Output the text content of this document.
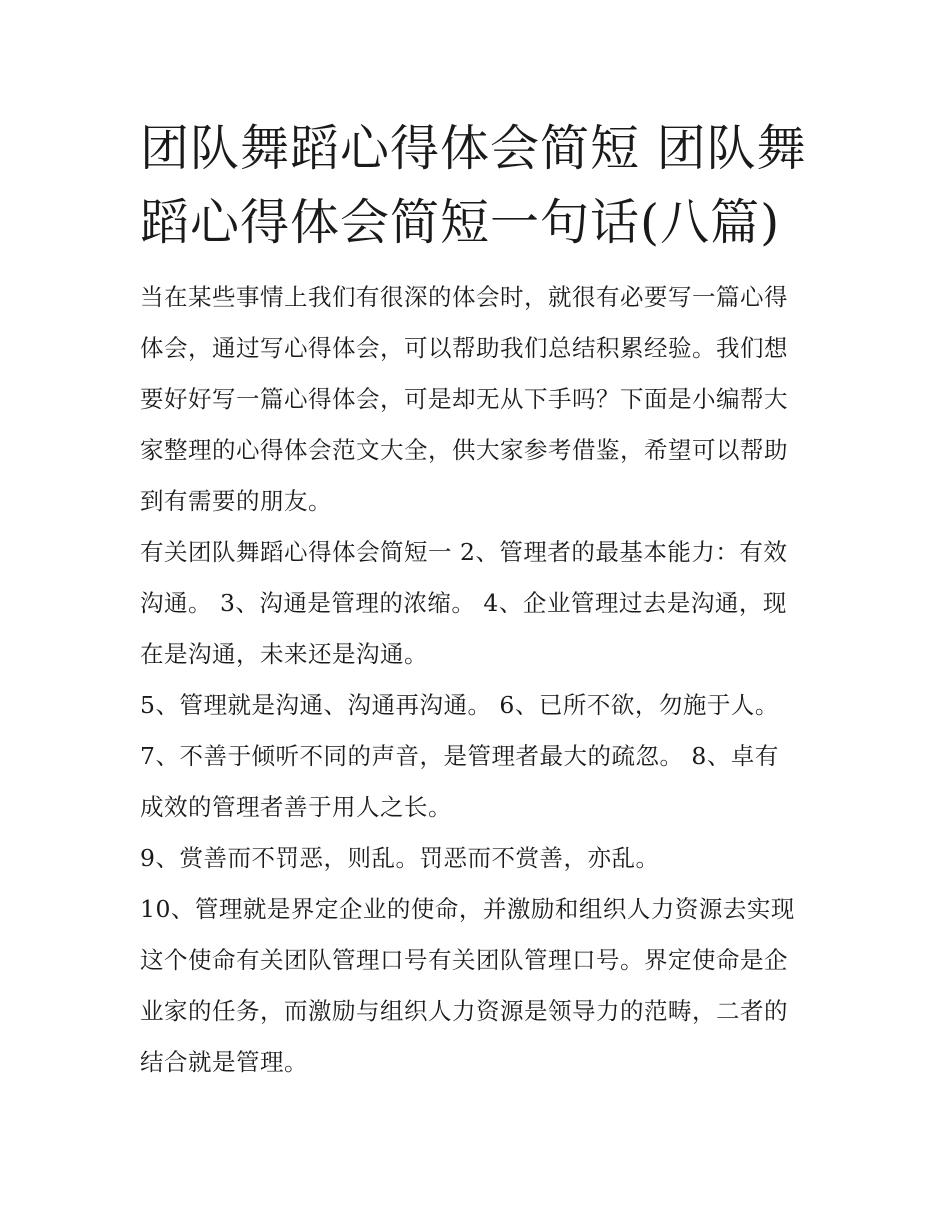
团队舞蹈心得体会简短 团队舞
蹈心得体会简短一句话(八篇)

当在某些事情上我们有很深的体会时，就很有必要写一篇心得
体会，通过写心得体会，可以帮助我们总结积累经验。我们想
要好好写一篇心得体会，可是却无从下手吗？下面是小编帮大
家整理的心得体会范文大全，供大家参考借鉴，希望可以帮助
到有需要的朋友。

有关团队舞蹈心得体会简短一 2、管理者的最基本能力：有效
沟通。 3、沟通是管理的浓缩。 4、企业管理过去是沟通，现
在是沟通，未来还是沟通。

5、管理就是沟通、沟通再沟通。 6、已所不欲，勿施于人。

7、不善于倾听不同的声音，是管理者最大的疏忽。 8、卓有
成效的管理者善于用人之长。

9、赏善而不罚恶，则乱。罚恶而不赏善，亦乱。

10、管理就是界定企业的使命，并激励和组织人力资源去实现
这个使命有关团队管理口号有关团队管理口号。界定使命是企
业家的任务，而激励与组织人力资源是领导力的范畴，二者的
结合就是管理。
